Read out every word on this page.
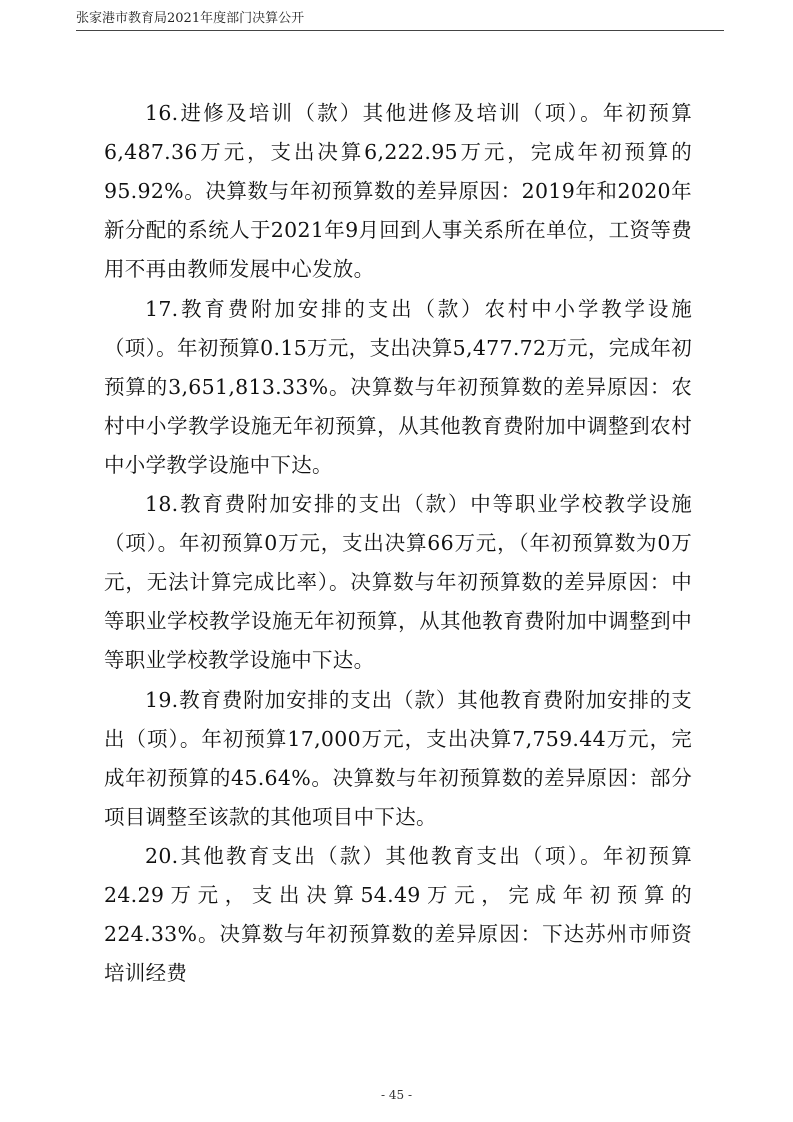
张家港市教育局2021年度部门决算公开

16.进修及培训（款）其他进修及培训（项）。年初预算6,487.36万元，支出决算6,222.95万元，完成年初预算的95.92%。决算数与年初预算数的差异原因：2019年和2020年新分配的系统人于2021年9月回到人事关系所在单位，工资等费用不再由教师发展中心发放。

17.教育费附加安排的支出（款）农村中小学教学设施（项）。年初预算0.15万元，支出决算5,477.72万元，完成年初预算的3,651,813.33%。决算数与年初预算数的差异原因：农村中小学教学设施无年初预算，从其他教育费附加中调整到农村中小学教学设施中下达。

18.教育费附加安排的支出（款）中等职业学校教学设施（项）。年初预算0万元，支出决算66万元，（年初预算数为0万元，无法计算完成比率）。决算数与年初预算数的差异原因：中等职业学校教学设施无年初预算，从其他教育费附加中调整到中等职业学校教学设施中下达。

19.教育费附加安排的支出（款）其他教育费附加安排的支出（项）。年初预算17,000万元，支出决算7,759.44万元，完成年初预算的45.64%。决算数与年初预算数的差异原因：部分项目调整至该款的其他项目中下达。

20.其他教育支出（款）其他教育支出（项）。年初预算24.29万元，支出决算54.49万元，完成年初预算的224.33%。决算数与年初预算数的差异原因：下达苏州市师资培训经费

- 45 -
